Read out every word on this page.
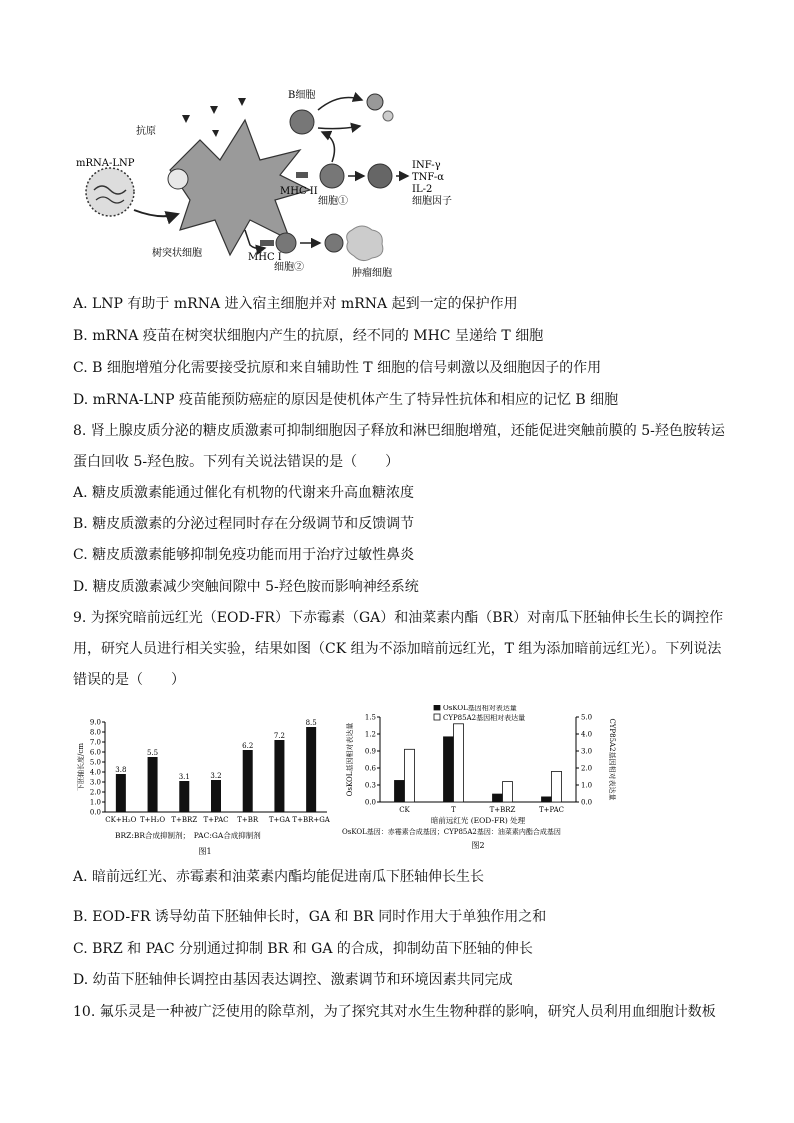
mRNA-LNP
抗原
树突状细胞
B细胞
MHC II
细胞①
INF-γ
TNF-α
IL-2
细胞因子
MHC I
细胞②
肿瘤细胞
A. LNP 有助于 mRNA 进入宿主细胞并对 mRNA 起到一定的保护作用
B. mRNA 疫苗在树突状细胞内产生的抗原，经不同的 MHC 呈递给 T 细胞
C. B 细胞增殖分化需要接受抗原和来自辅助性 T 细胞的信号刺激以及细胞因子的作用
D. mRNA-LNP 疫苗能预防癌症的原因是使机体产生了特异性抗体和相应的记忆 B 细胞
8. 肾上腺皮质分泌的糖皮质激素可抑制细胞因子释放和淋巴细胞增殖，还能促进突触前膜的 5-羟色胺转运
蛋白回收 5-羟色胺。下列有关说法错误的是（　　）
A. 糖皮质激素能通过催化有机物的代谢来升高血糖浓度
B. 糖皮质激素的分泌过程同时存在分级调节和反馈调节
C. 糖皮质激素能够抑制免疫功能而用于治疗过敏性鼻炎
D. 糖皮质激素减少突触间隙中 5-羟色胺而影响神经系统
9. 为探究暗前远红光（EOD-FR）下赤霉素（GA）和油菜素内酯（BR）对南瓜下胚轴伸长生长的调控作
用，研究人员进行相关实验，结果如图（CK 组为不添加暗前远红光，T 组为添加暗前远红光）。下列说法
错误的是（　　）
0.0
1.0
2.0
3.0
4.0
5.0
6.0
7.0
8.0
9.0
3.8
CK+H₂O
5.5
T+H₂O
3.1
T+BRZ
3.2
T+PAC
6.2
T+BR
7.2
T+GA
8.5
T+BR+GA
下胚轴长度/cm
BRZ:BR合成抑制剂；　PAC:GA合成抑制剂
图1
0.0
0.3
0.6
0.9
1.2
1.5
0.0
1.0
2.0
3.0
4.0
5.0
CK	T	T+BRZ	T+PAC
OsKOL基因相对表达量
CYP85A2基因相对表达量
OsKOL基因相对表达量	CYP85A2基因相对表达量
暗前远红光 (EOD-FR) 处理
OsKOL基因：赤霉素合成基因；CYP85A2基因：油菜素内酯合成基因
图2
A. 暗前远红光、赤霉素和油菜素内酯均能促进南瓜下胚轴伸长生长
B. EOD-FR 诱导幼苗下胚轴伸长时，GA 和 BR 同时作用大于单独作用之和
C. BRZ 和 PAC 分别通过抑制 BR 和 GA 的合成，抑制幼苗下胚轴的伸长
D. 幼苗下胚轴伸长调控由基因表达调控、激素调节和环境因素共同完成
10. 氟乐灵是一种被广泛使用的除草剂，为了探究其对水生生物种群的影响，研究人员利用血细胞计数板
